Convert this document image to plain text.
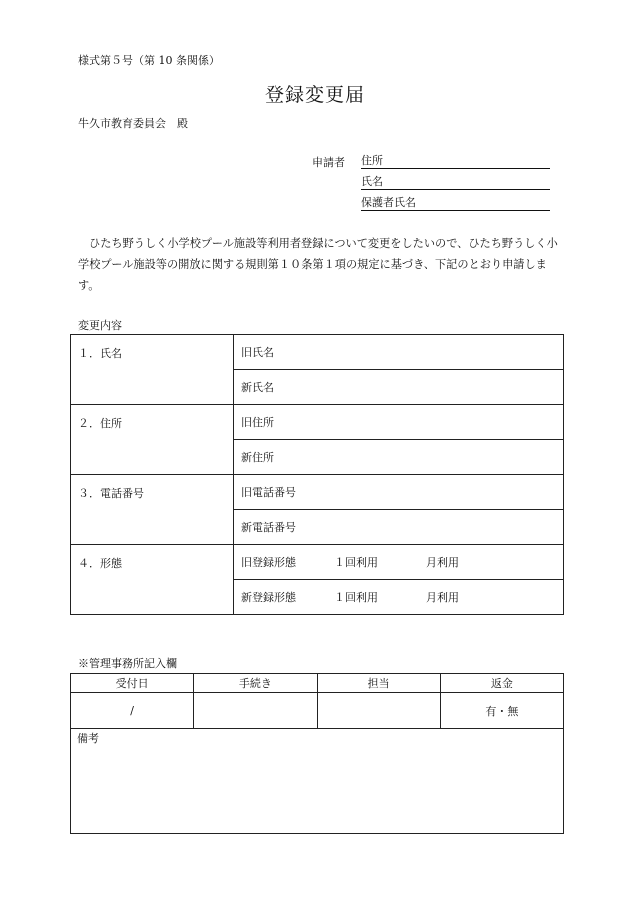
様式第５号（第 10 条関係）
登録変更届
牛久市教育委員会　殿
申請者 住所
氏名
保護者氏名
ひたち野うしく小学校プール施設等利用者登録について変更をしたいので、ひたち野うしく小学校プール施設等の開放に関する規則第１０条第１項の規定に基づき、下記のとおり申請します。
変更内容
１．氏名	旧氏名
	新氏名
２．住所	旧住所
	新住所
３．電話番号	旧電話番号
	新電話番号
４．形態	旧登録形態 １回利用 月利用
	新登録形態 １回利用 月利用
※管理事務所記入欄
受付日	手続き	担当	返金
/			有・無
備考			
